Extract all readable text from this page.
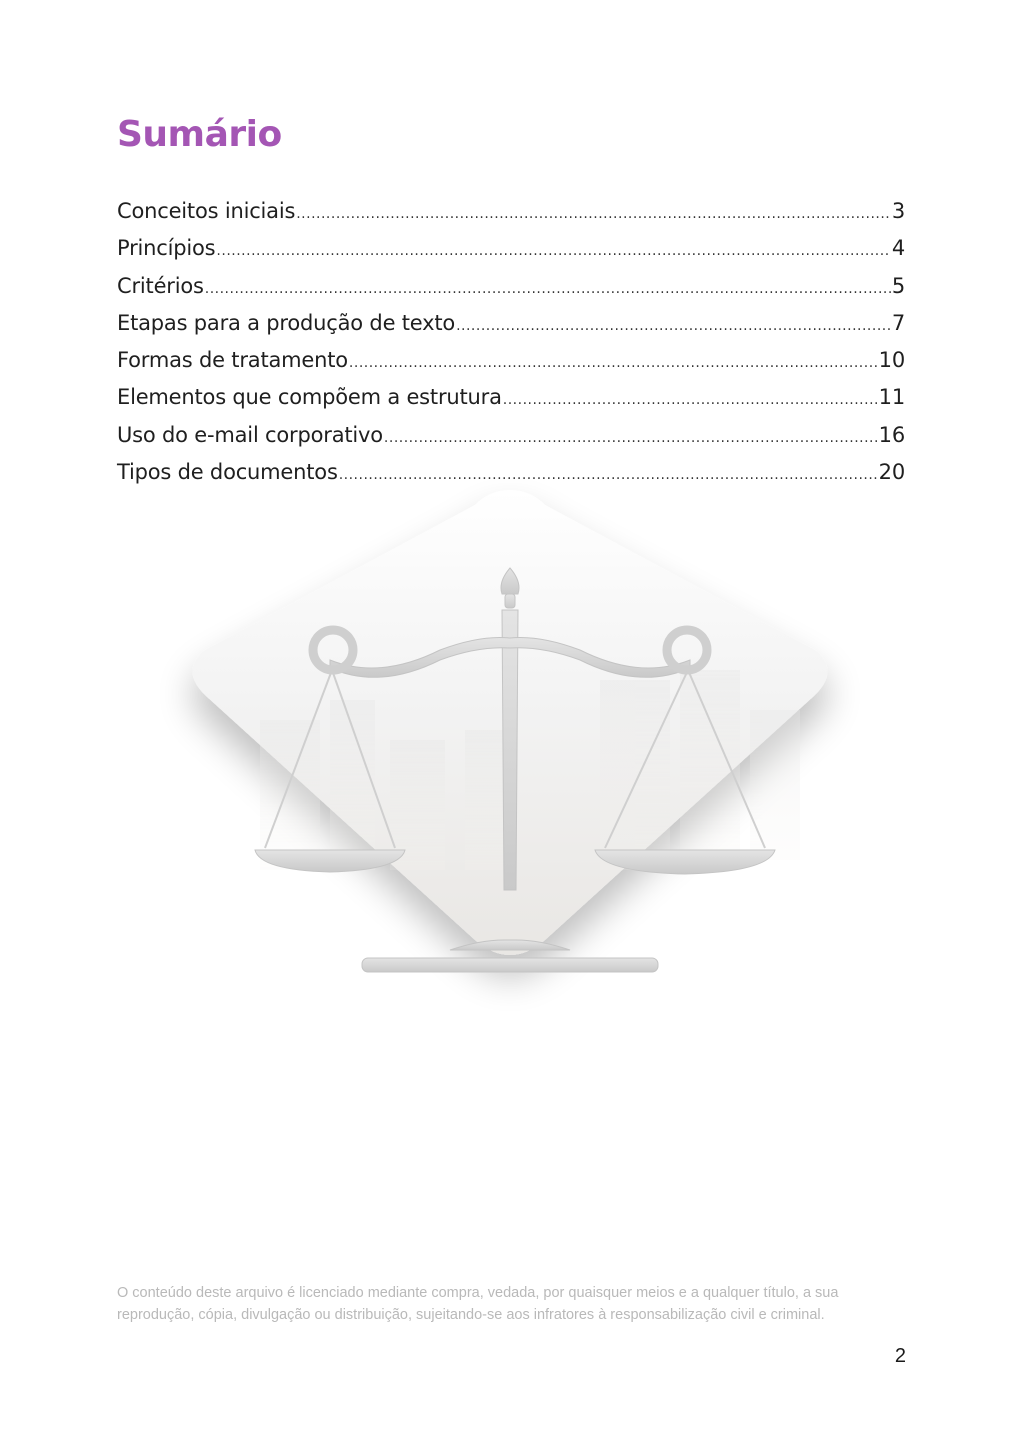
Sumário
Conceitos iniciais .....	3
Princípios .....	4
Critérios .....	5
Etapas para a produção de texto .....	7
Formas de tratamento .....	10
Elementos que compõem a estrutura .....	11
Uso do e-mail corporativo .....	16
Tipos de documentos .....	20

O conteúdo deste arquivo é licenciado mediante compra, vedada, por quaisquer meios e a qualquer título, a sua reprodução, cópia, divulgação ou distribuição, sujeitando-se aos infratores à responsabilização civil e criminal.

2
